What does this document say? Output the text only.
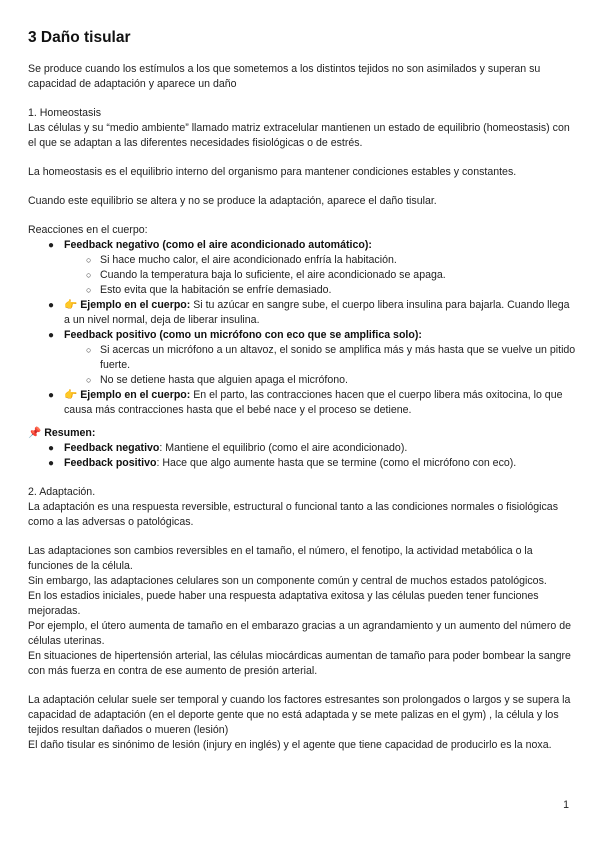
3 Daño tisular

Se produce cuando los estímulos a los que sometemos a los distintos tejidos no son asimilados y superan su capacidad de adaptación y aparece un daño

1. Homeostasis

Las células y su “medio ambiente” llamado matriz extracelular mantienen un estado de equilibrio (homeostasis) con el que se adaptan a las diferentes necesidades fisiológicas o de estrés.

La homeostasis es el equilibrio interno del organismo para mantener condiciones estables y constantes.

Cuando este equilibrio se altera y no se produce la adaptación, aparece el daño tisular.

Reacciones en el cuerpo:

● Feedback negativo (como el aire acondicionado automático):
○ Si hace mucho calor, el aire acondicionado enfría la habitación.
○ Cuando la temperatura baja lo suficiente, el aire acondicionado se apaga.
○ Esto evita que la habitación se enfríe demasiado.
● 👉 Ejemplo en el cuerpo: Si tu azúcar en sangre sube, el cuerpo libera insulina para bajarla. Cuando llega a un nivel normal, deja de liberar insulina.
● Feedback positivo (como un micrófono con eco que se amplifica solo):
○ Si acercas un micrófono a un altavoz, el sonido se amplifica más y más hasta que se vuelve un pitido fuerte.
○ No se detiene hasta que alguien apaga el micrófono.
● 👉 Ejemplo en el cuerpo: En el parto, las contracciones hacen que el cuerpo libera más oxitocina, lo que causa más contracciones hasta que el bebé nace y el proceso se detiene.

📌 Resumen:

● Feedback negativo: Mantiene el equilibrio (como el aire acondicionado).
● Feedback positivo: Hace que algo aumente hasta que se termine (como el micrófono con eco).

2. Adaptación.

La adaptación es una respuesta reversible, estructural o funcional tanto a las condiciones normales o fisiológicas como a las adversas o patológicas.

Las adaptaciones son cambios reversibles en el tamaño, el número, el fenotipo, la actividad metabólica o la funciones de la célula.

Sin embargo, las adaptaciones celulares son un componente común y central de muchos estados patológicos.

En los estadios iniciales, puede haber una respuesta adaptativa exitosa y las células pueden tener funciones mejoradas.

Por ejemplo, el útero aumenta de tamaño en el embarazo gracias a un agrandamiento y un aumento del número de células uterinas.

En situaciones de hipertensión arterial, las células miocárdicas aumentan de tamaño para poder bombear la sangre con más fuerza en contra de ese aumento de presión arterial.

La adaptación celular suele ser temporal y cuando los factores estresantes son prolongados o largos y se supera la capacidad de adaptación (en el deporte gente que no está adaptada y se mete palizas en el gym) , la célula y los tejidos resultan dañados o mueren (lesión)

El daño tisular es sinónimo de lesión (injury en inglés) y el agente que tiene capacidad de producirlo es la noxa.

1
